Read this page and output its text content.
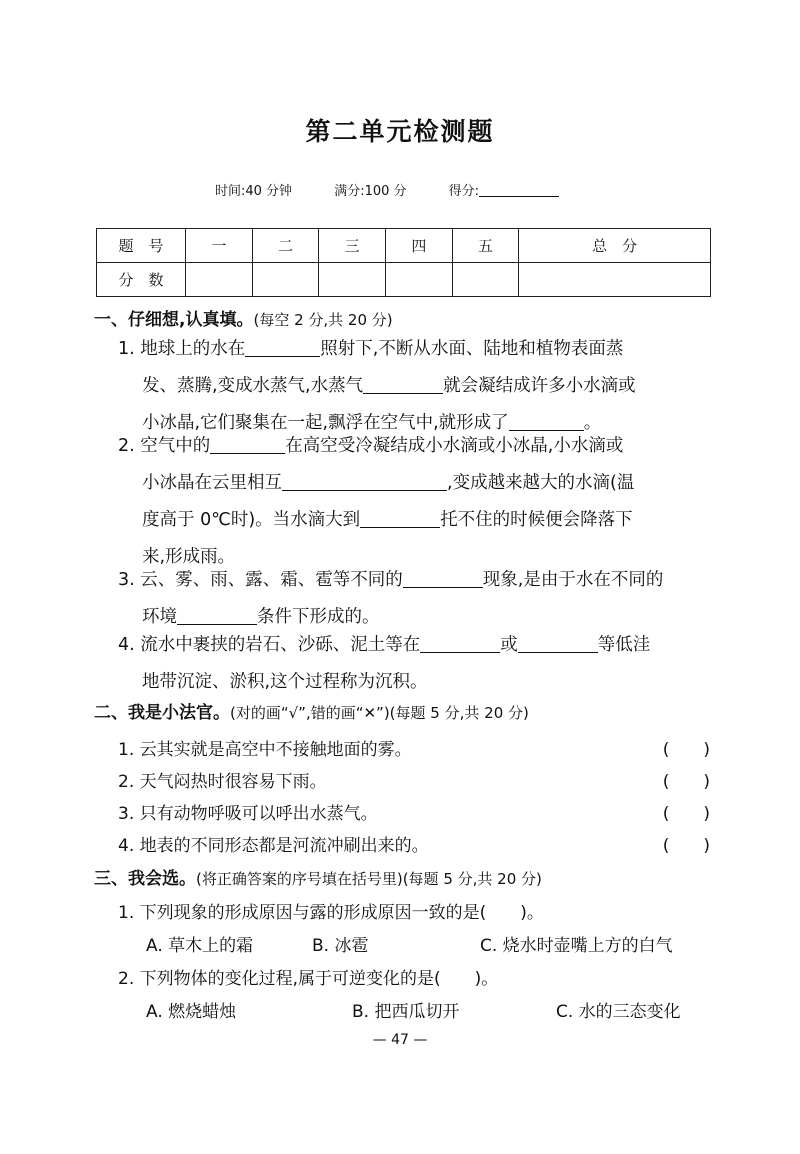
第二单元检测题
时间:40 分钟	满分:100 分	得分:
题　号	一	二	三	四	五	总　分
分　数						
一、仔细想,认真填。(每空 2 分,共 20 分)
1. 地球上的水在	照射下,不断从水面、陆地和植物表面蒸
发、蒸腾,变成水蒸气,水蒸气	就会凝结成许多小水滴或
小冰晶,它们聚集在一起,飘浮在空气中,就形成了	。
2. 空气中的	在高空受冷凝结成小水滴或小冰晶,小水滴或
小冰晶在云里相互	,变成越来越大的水滴(温
度高于 0℃时)。当水滴大到	托不住的时候便会降落下
来,形成雨。
3. 云、雾、雨、露、霜、雹等不同的	现象,是由于水在不同的
环境	条件下形成的。
4. 流水中裹挟的岩石、沙砾、泥土等在	或	等低洼
地带沉淀、淤积,这个过程称为沉积。
二、我是小法官。(对的画“√”,错的画“✕”)(每题 5 分,共 20 分)
1. 云其实就是高空中不接触地面的雾。	(　　)
2. 天气闷热时很容易下雨。	(　　)
3. 只有动物呼吸可以呼出水蒸气。	(　　)
4. 地表的不同形态都是河流冲刷出来的。	(　　)
三、我会选。(将正确答案的序号填在括号里)(每题 5 分,共 20 分)
1. 下列现象的形成原因与露的形成原因一致的是(　　)。
A. 草木上的霜	B. 冰雹	C. 烧水时壶嘴上方的白气
2. 下列物体的变化过程,属于可逆变化的是(　　)。
A. 燃烧蜡烛	B. 把西瓜切开	C. 水的三态变化
— 47 —
